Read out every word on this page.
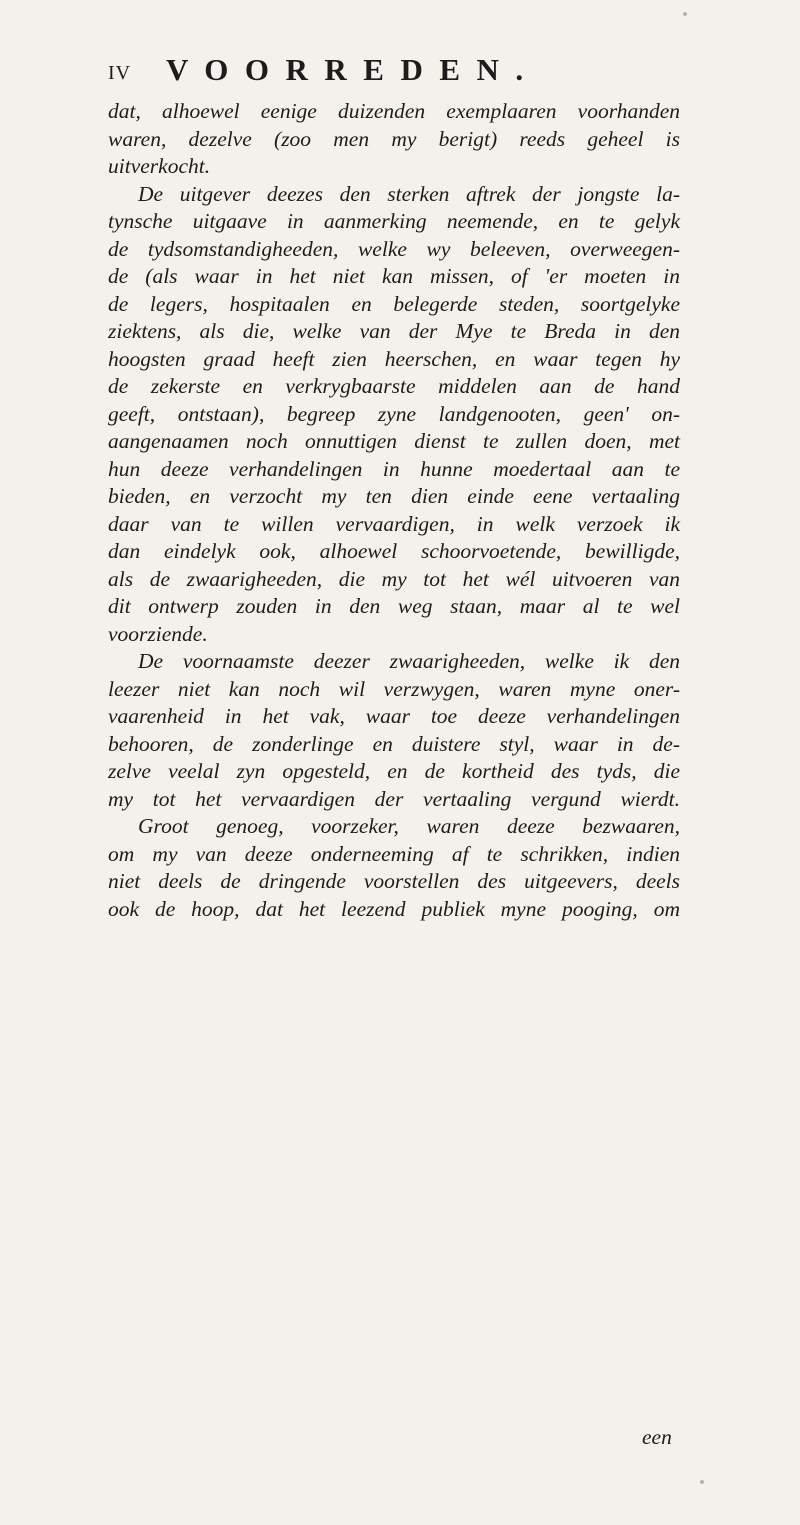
IV VOORREDEN.
dat, alhoewel eenige duizenden exemplaaren voorhanden
waren, dezelve (zoo men my berigt) reeds geheel is
uitverkocht.
De uitgever deezes den sterken aftrek der jongste la-
tynsche uitgaave in aanmerking neemende, en te gelyk
de tydsomstandigheeden, welke wy beleeven, overweegen-
de (als waar in het niet kan missen, of 'er moeten in
de legers, hospitaalen en belegerde steden, soortgelyke
ziektens, als die, welke van der Mye te Breda in den
hoogsten graad heeft zien heerschen, en waar tegen hy
de zekerste en verkrygbaarste middelen aan de hand
geeft, ontstaan), begreep zyne landgenooten, geen' on-
aangenaamen noch onnuttigen dienst te zullen doen, met
hun deeze verhandelingen in hunne moedertaal aan te
bieden, en verzocht my ten dien einde eene vertaaling
daar van te willen vervaardigen, in welk verzoek ik
dan eindelyk ook, alhoewel schoorvoetende, bewilligde,
als de zwaarigheeden, die my tot het wél uitvoeren van
dit ontwerp zouden in den weg staan, maar al te wel
voorziende.
De voornaamste deezer zwaarigheeden, welke ik den
leezer niet kan noch wil verzwygen, waren myne oner-
vaarenheid in het vak, waar toe deeze verhandelingen
behooren, de zonderlinge en duistere styl, waar in de-
zelve veelal zyn opgesteld, en de kortheid des tyds, die
my tot het vervaardigen der vertaaling vergund wierdt.
Groot genoeg, voorzeker, waren deeze bezwaaren,
om my van deeze onderneeming af te schrikken, indien
niet deels de dringende voorstellen des uitgeevers, deels
ook de hoop, dat het leezend publiek myne pooging, om
een
